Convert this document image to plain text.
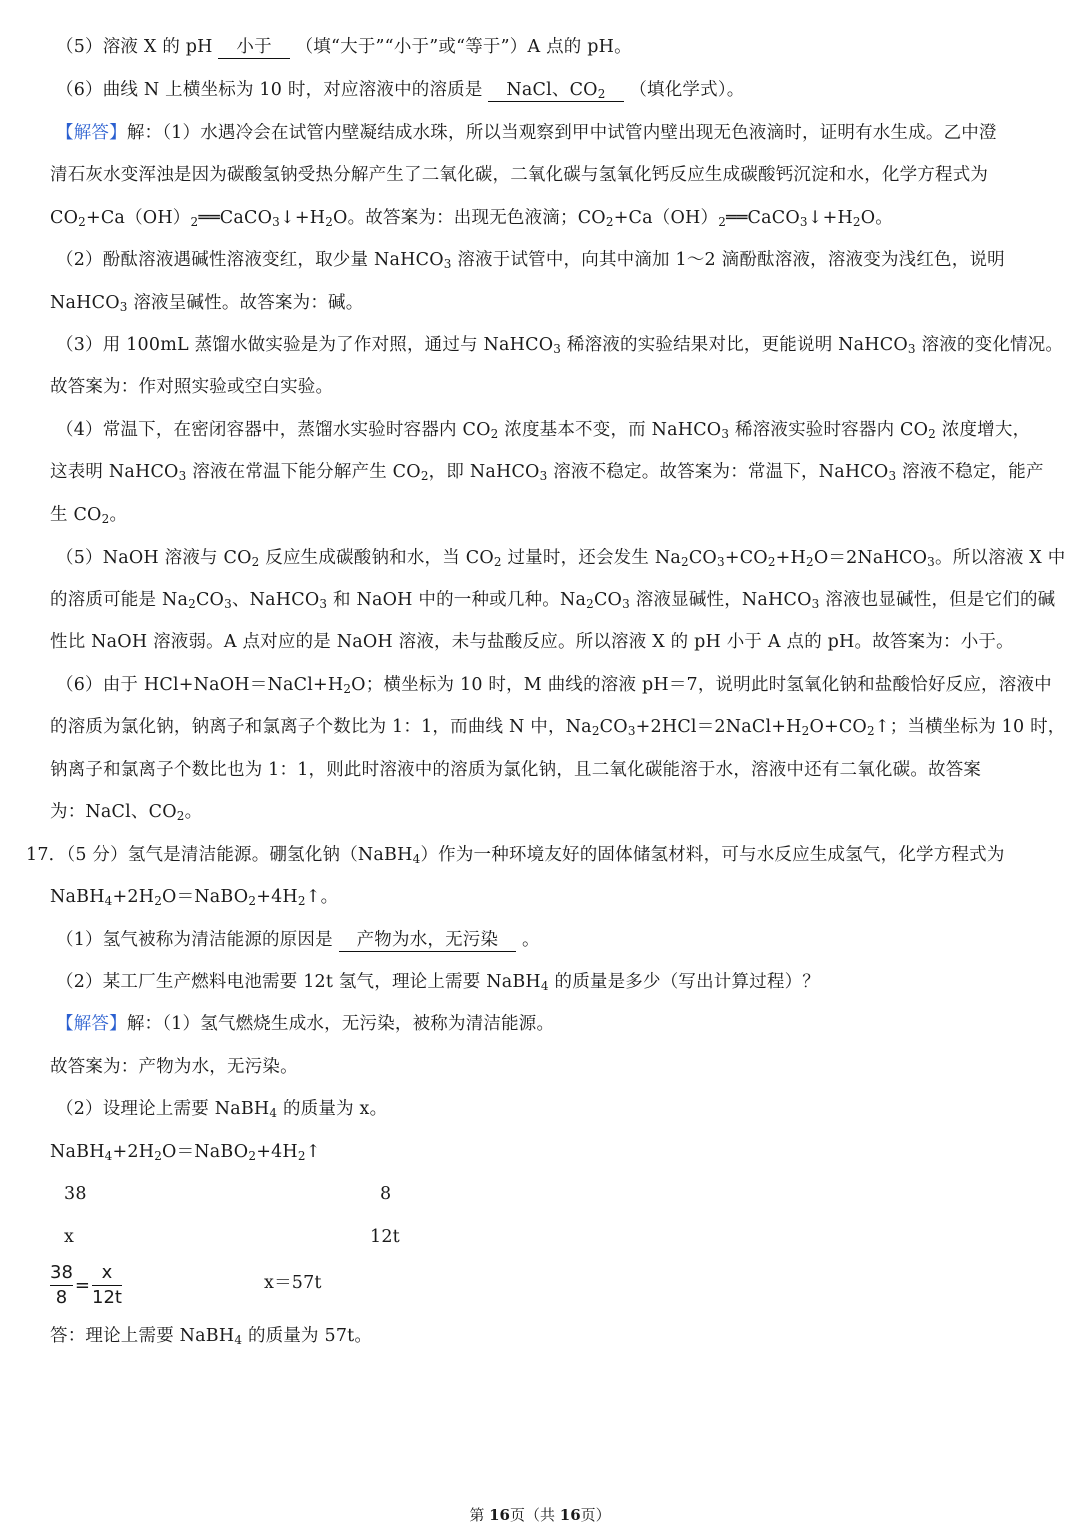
（5）溶液 X 的 pH 小于 （填“大于”“小于”或“等于”）A 点的 pH。
（6）曲线 N 上横坐标为 10 时，对应溶液中的溶质是 NaCl、$CO_2$ （填化学式）。
【解答】解：（1）水遇冷会在试管内壁凝结成水珠，所以当观察到甲中试管内壁出现无色液滴时，证明有水生成。乙中澄
清石灰水变浑浊是因为碳酸氢钠受热分解产生了二氧化碳，二氧化碳与氢氧化钙反应生成碳酸钙沉淀和水，化学方程式为
$CO_2+Ca(OH)_2══CaCO_3↓+H_2O$。故答案为：出现无色液滴；$CO_2+Ca(OH)_2══CaCO_3↓+H_2O$。
（2）酚酞溶液遇碱性溶液变红，取少量 NaHCO$_3$ 溶液于试管中，向其中滴加 1～2 滴酚酞溶液，溶液变为浅红色，说明
NaHCO$_3$ 溶液呈碱性。故答案为：碱。
（3）用 100mL 蒸馏水做实验是为了作对照，通过与 NaHCO$_3$ 稀溶液的实验结果对比，更能说明 NaHCO$_3$ 溶液的变化情况。
故答案为：作对照实验或空白实验。
（4）常温下，在密闭容器中，蒸馏水实验时容器内 $CO_2$ 浓度基本不变，而 NaHCO$_3$ 稀溶液实验时容器内 $CO_2$ 浓度增大，
这表明 NaHCO$_3$ 溶液在常温下能分解产生 $CO_2$，即 NaHCO$_3$ 溶液不稳定。故答案为：常温下，NaHCO$_3$ 溶液不稳定，能产
生 $CO_2$。
（5）NaOH 溶液与 $CO_2$ 反应生成碳酸钠和水，当 $CO_2$ 过量时，还会发生 $Na_2CO_3+CO_2+H_2O=2NaHCO_3$。所以溶液 X 中
的溶质可能是 $Na_2CO_3$、NaHCO$_3$ 和 NaOH 中的一种或几种。$Na_2CO_3$ 溶液显碱性，NaHCO$_3$ 溶液也显碱性，但是它们的碱
性比 NaOH 溶液弱。A 点对应的是 NaOH 溶液，未与盐酸反应。所以溶液 X 的 pH 小于 A 点的 pH。故答案为：小于。
（6）由于 $HCl+NaOH=NaCl+H_2O$；横坐标为 10 时，M 曲线的溶液 pH＝7，说明此时氢氧化钠和盐酸恰好反应，溶液中
的溶质为氯化钠，钠离子和氯离子个数比为 1：1，而曲线 N 中，$Na_2CO_3+2HCl=2NaCl+H_2O+CO_2↑$；当横坐标为 10 时，
钠离子和氯离子个数比也为 1：1，则此时溶液中的溶质为氯化钠，且二氧化碳能溶于水，溶液中还有二氧化碳。故答案
为：NaCl、$CO_2$。
17．（5 分）氢气是清洁能源。硼氢化钠（NaBH$_4$）作为一种环境友好的固体储氢材料，可与水反应生成氢气，化学方程式为
$NaBH_4+2H_2O=NaBO_2+4H_2↑$。
（1）氢气被称为清洁能源的原因是 产物为水，无污染 。
（2）某工厂生产燃料电池需要 12t 氢气，理论上需要 NaBH$_4$ 的质量是多少（写出计算过程）？
【解答】解：（1）氢气燃烧生成水，无污染，被称为清洁能源。
故答案为：产物为水，无污染。
（2）设理论上需要 NaBH$_4$ 的质量为 x。
$NaBH_4+2H_2O=NaBO_2+4H_2↑$
38	8
x	12t
$\frac{38}{8} = \frac{x}{12t}$	x＝57t
答：理论上需要 NaBH$_4$ 的质量为 57t。
第 16页（共 16页）
